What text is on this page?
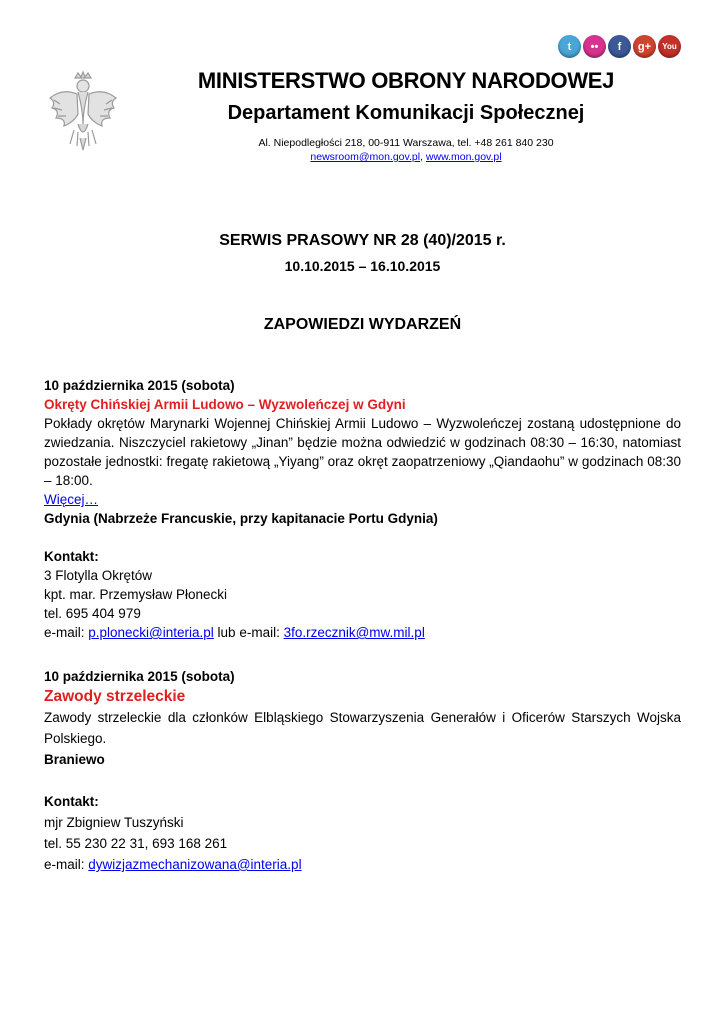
t	••	f	g+	You
MINISTERSTWO OBRONY NARODOWEJ
Departament Komunikacji Społecznej
Al. Niepodległości 218, 00-911 Warszawa, tel. +48 261 840 230
newsroom@mon.gov.pl, www.mon.gov.pl
SERWIS PRASOWY NR 28 (40)/2015 r.
10.10.2015 – 16.10.2015
ZAPOWIEDZI WYDARZEŃ
10 października 2015 (sobota)
Okręty Chińskiej Armii Ludowo – Wyzwoleńczej w Gdyni
Pokłady okrętów Marynarki Wojennej Chińskiej Armii Ludowo – Wyzwoleńczej zostaną udostępnione do zwiedzania. Niszczyciel rakietowy „Jinan” będzie można odwiedzić w godzinach 08:30 – 16:30, natomiast pozostałe jednostki: fregatę rakietową „Yiyang” oraz okręt zaopatrzeniowy „Qiandaohu” w godzinach 08:30 – 18:00.
Więcej…
Gdynia (Nabrzeże Francuskie, przy kapitanacie Portu Gdynia)
Kontakt:
3 Flotylla Okrętów
kpt. mar. Przemysław Płonecki
tel. 695 404 979
e-mail: p.plonecki@interia.pl lub e-mail: 3fo.rzecznik@mw.mil.pl
10 października 2015 (sobota)
Zawody strzeleckie
Zawody strzeleckie dla członków Elbląskiego Stowarzyszenia Generałów i Oficerów Starszych Wojska Polskiego.
Braniewo
Kontakt:
mjr Zbigniew Tuszyński
tel. 55 230 22 31, 693 168 261
e-mail: dywizjazmechanizowana@interia.pl
